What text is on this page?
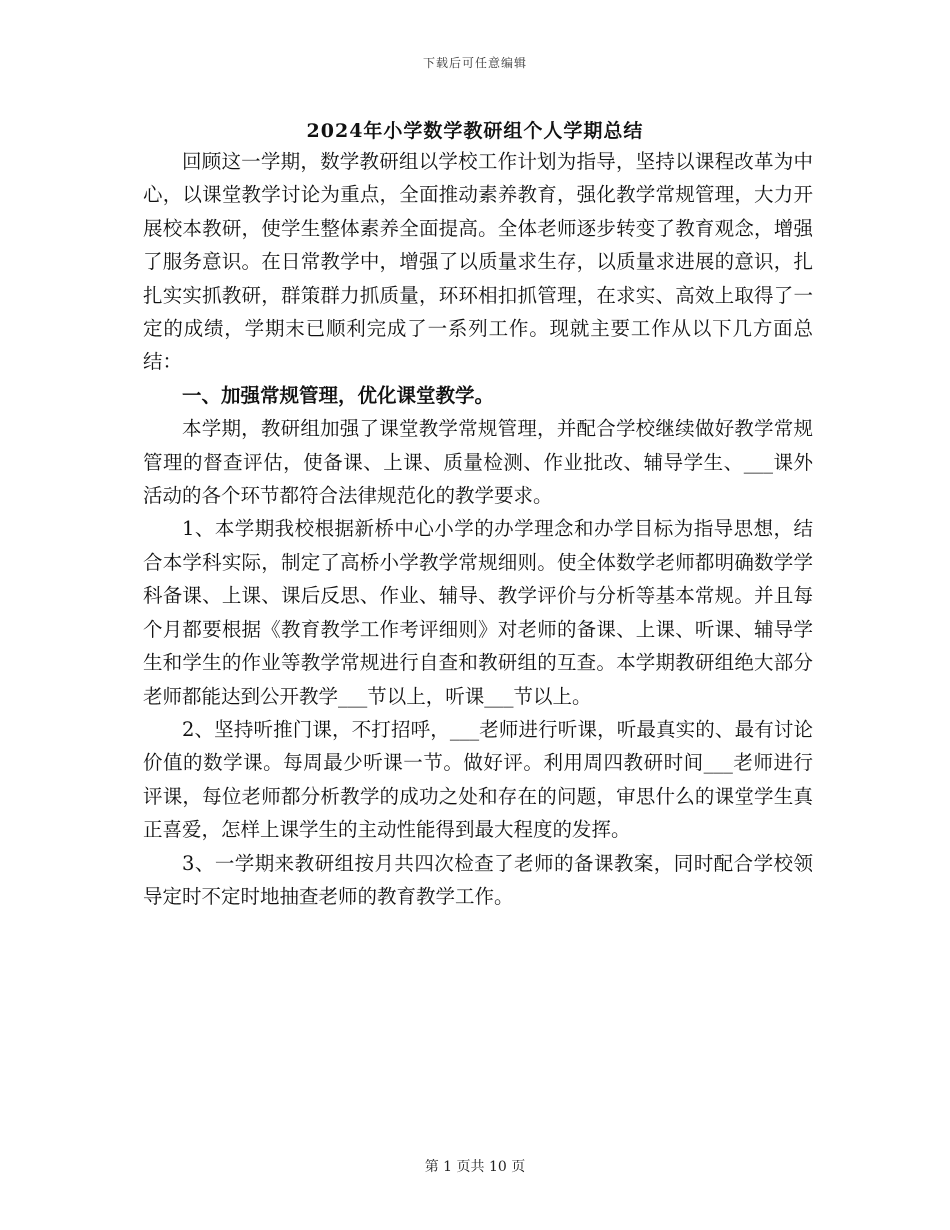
下载后可任意编辑
2024年小学数学教研组个人学期总结

回顾这一学期，数学教研组以学校工作计划为指导，坚持以课程改革为中心，以课堂教学讨论为重点，全面推动素养教育，强化教学常规管理，大力开展校本教研，使学生整体素养全面提高。全体老师逐步转变了教育观念，增强了服务意识。在日常教学中，增强了以质量求生存，以质量求进展的意识，扎扎实实抓教研，群策群力抓质量，环环相扣抓管理，在求实、高效上取得了一定的成绩，学期末已顺利完成了一系列工作。现就主要工作从以下几方面总结：

一、加强常规管理，优化课堂教学。

本学期，教研组加强了课堂教学常规管理，并配合学校继续做好教学常规管理的督查评估，使备课、上课、质量检测、作业批改、辅导学生、___课外活动的各个环节都符合法律规范化的教学要求。

1、本学期我校根据新桥中心小学的办学理念和办学目标为指导思想，结合本学科实际，制定了高桥小学教学常规细则。使全体数学老师都明确数学学科备课、上课、课后反思、作业、辅导、教学评价与分析等基本常规。并且每个月都要根据《教育教学工作考评细则》对老师的备课、上课、听课、辅导学生和学生的作业等教学常规进行自查和教研组的互查。本学期教研组绝大部分老师都能达到公开教学___节以上，听课___节以上。

2、坚持听推门课，不打招呼，___老师进行听课，听最真实的、最有讨论价值的数学课。每周最少听课一节。做好评。利用周四教研时间___老师进行评课，每位老师都分析教学的成功之处和存在的问题，审思什么的课堂学生真正喜爱，怎样上课学生的主动性能得到最大程度的发挥。

3、一学期来教研组按月共四次检查了老师的备课教案，同时配合学校领导定时不定时地抽查老师的教育教学工作。

第 1 页共 10 页
